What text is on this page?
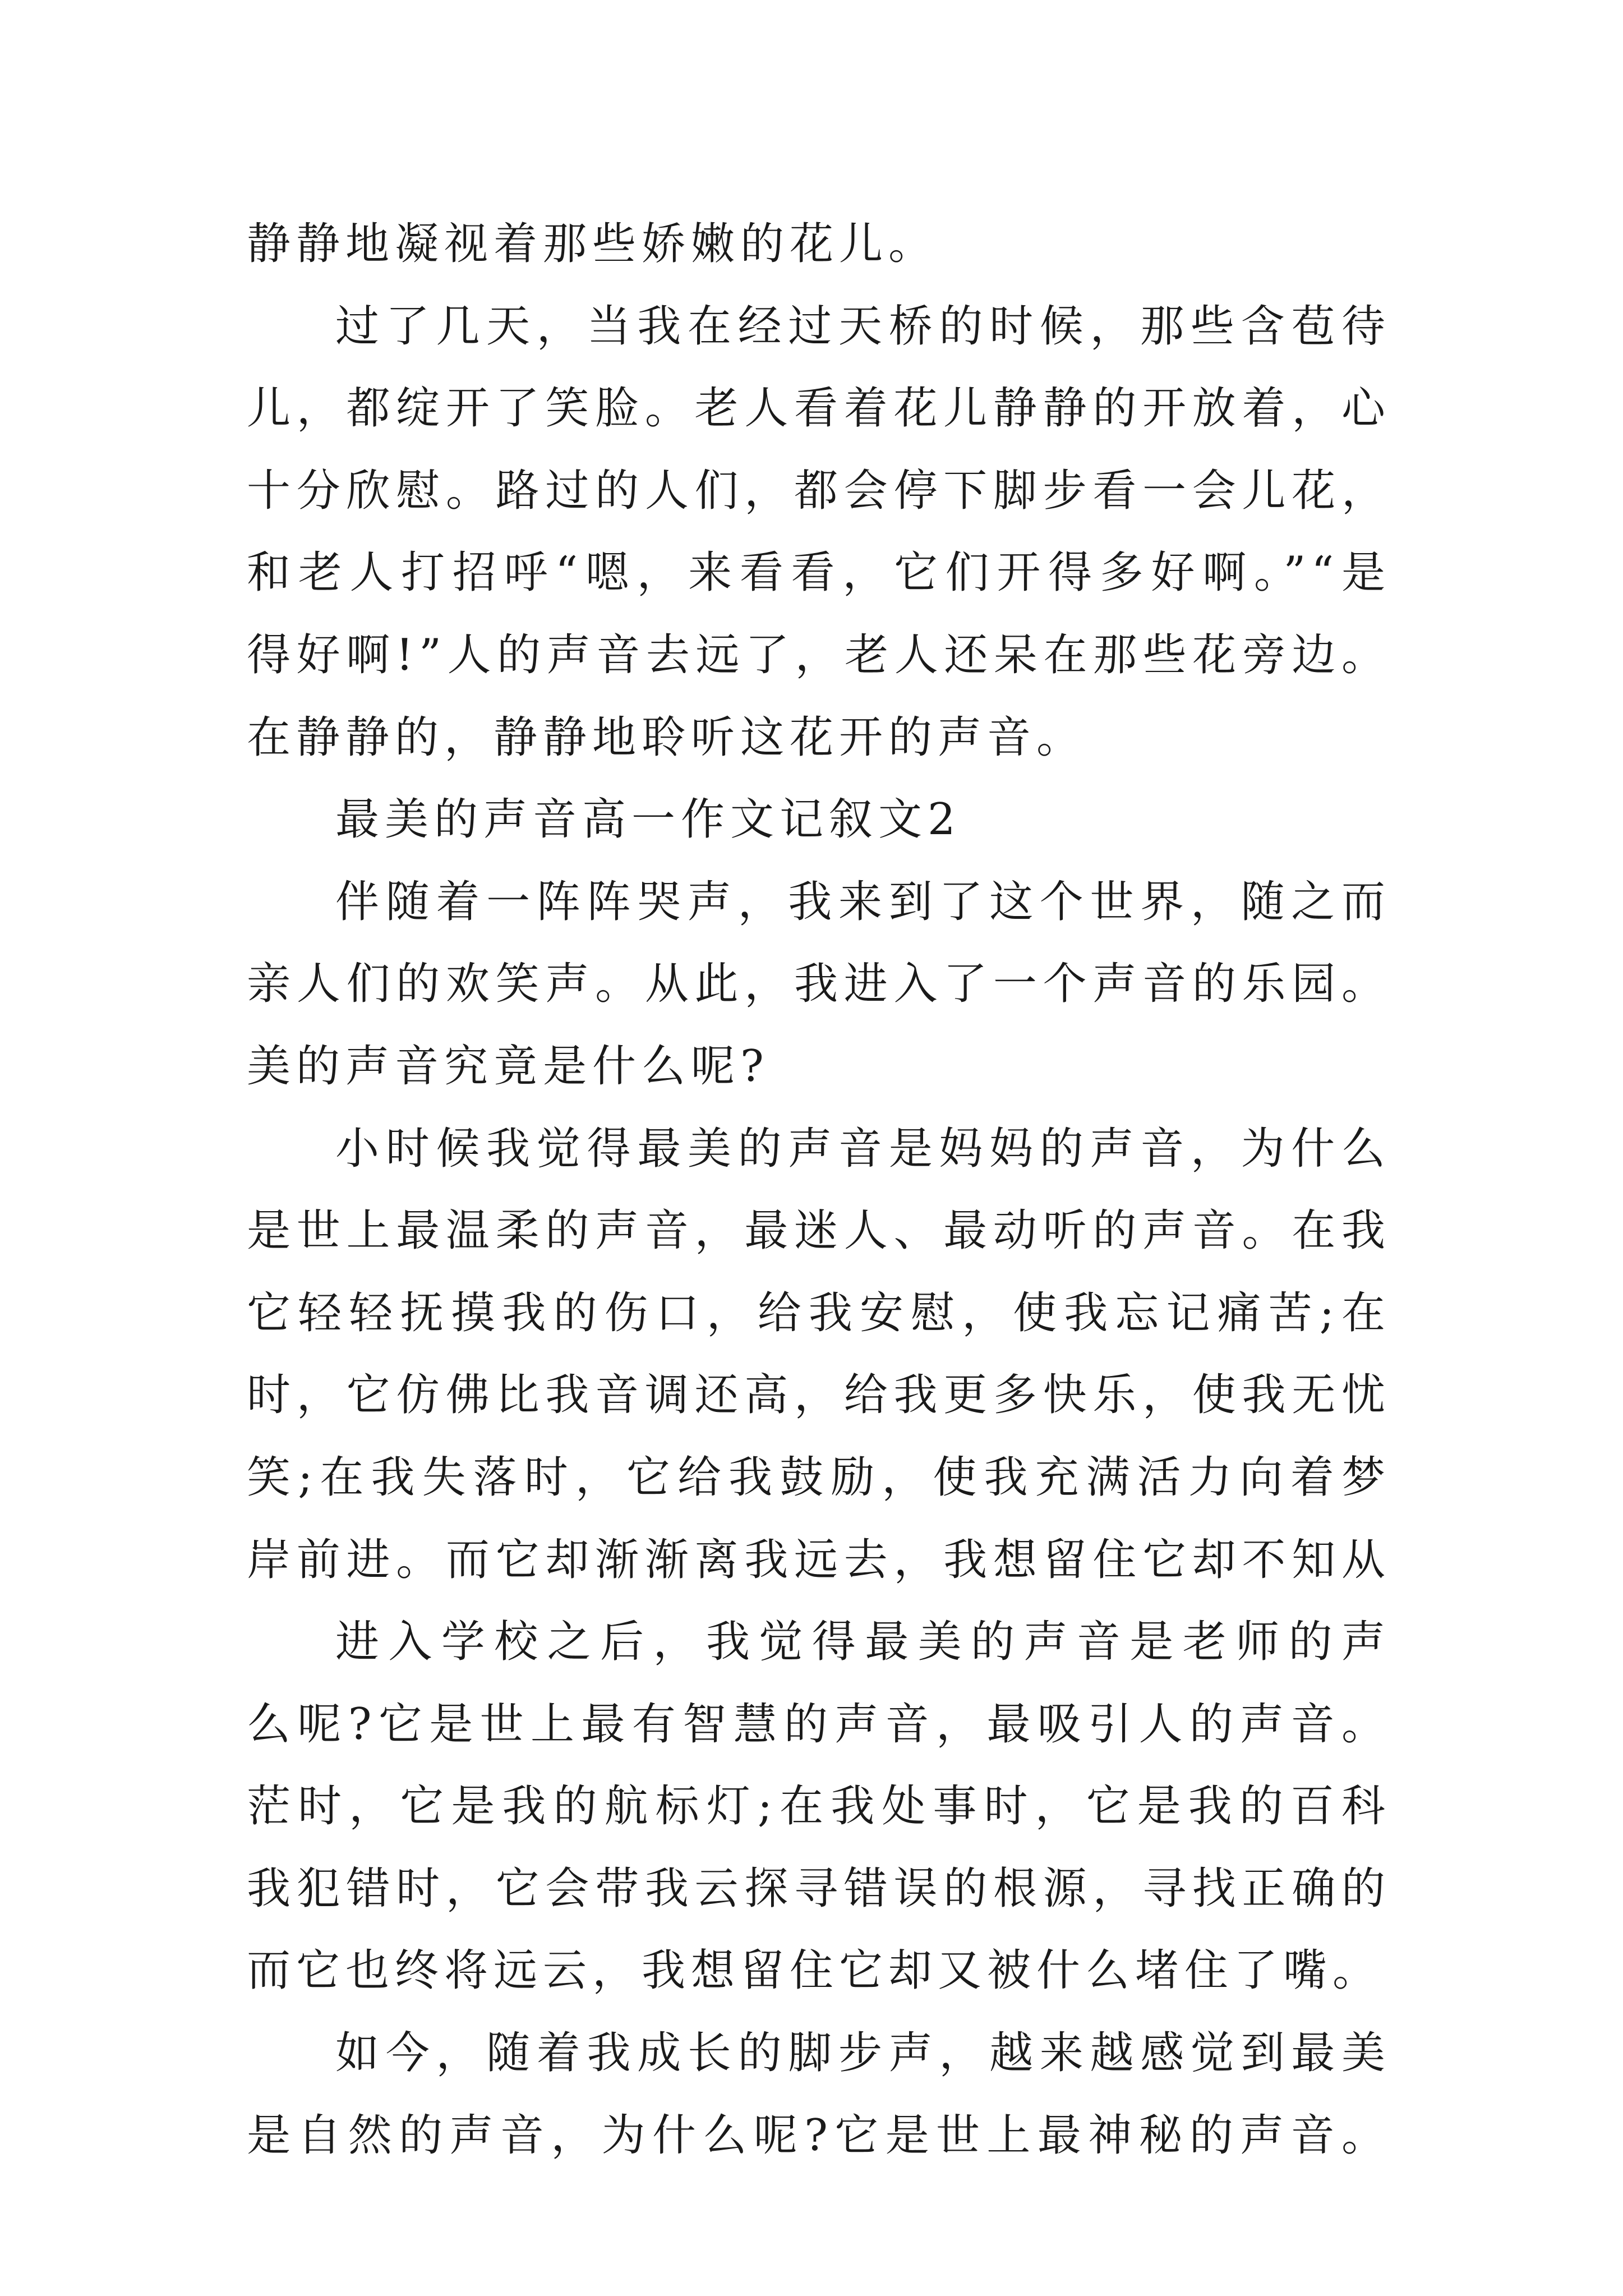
静静地凝视着那些娇嫩的花儿。
过了几天，当我在经过天桥的时候，那些含苞待
儿，都绽开了笑脸。老人看着花儿静静的开放着，心
十分欣慰。路过的人们，都会停下脚步看一会儿花，
和老人打招呼“嗯，来看看，它们开得多好啊。”“是
得好啊!”人的声音去远了，老人还呆在那些花旁边。
在静静的，静静地聆听这花开的声音。
最美的声音高一作文记叙文2
伴随着一阵阵哭声，我来到了这个世界，随之而
亲人们的欢笑声。从此，我进入了一个声音的乐园。
美的声音究竟是什么呢?
小时候我觉得最美的声音是妈妈的声音，为什么
是世上最温柔的声音，最迷人、最动听的声音。在我
它轻轻抚摸我的伤口，给我安慰，使我忘记痛苦;在
时，它仿佛比我音调还高，给我更多快乐，使我无忧
笑;在我失落时，它给我鼓励，使我充满活力向着梦
岸前进。而它却渐渐离我远去，我想留住它却不知从
进入学校之后，我觉得最美的声音是老师的声
么呢?它是世上最有智慧的声音，最吸引人的声音。
茫时，它是我的航标灯;在我处事时，它是我的百科
我犯错时，它会带我云探寻错误的根源，寻找正确的
而它也终将远云，我想留住它却又被什么堵住了嘴。
如今，随着我成长的脚步声，越来越感觉到最美
是自然的声音，为什么呢?它是世上最神秘的声音。
